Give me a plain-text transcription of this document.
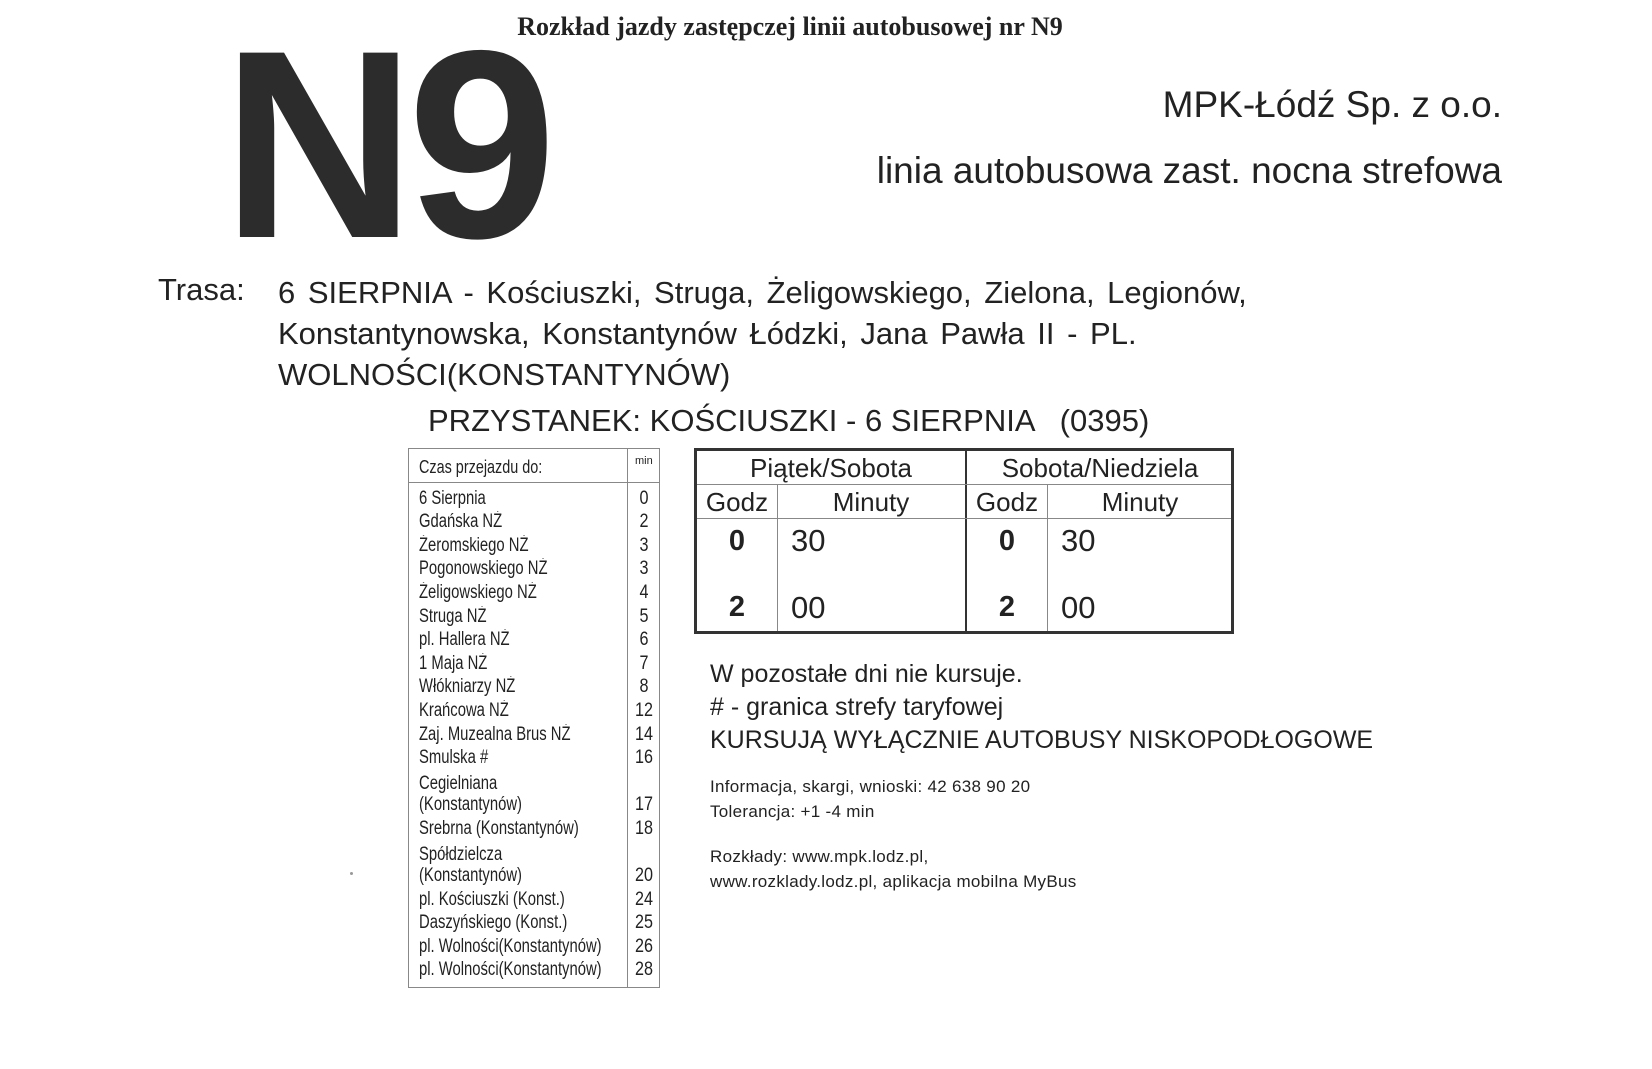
Rozkład jazdy zastępczej linii autobusowej nr N9
N9	MPK-Łódź Sp. z o.o.
linia autobusowa zast. nocna strefowa
Trasa: 6 SIERPNIA - Kościuszki, Struga, Żeligowskiego, Zielona, Legionów, Konstantynowska, Konstantynów Łódzki, Jana Pawła II - PL. WOLNOŚCI(KONSTANTYNÓW)
PRZYSTANEK: KOŚCIUSZKI - 6 SIERPNIA (0395)
Czas przejazdu do:	min
6 Sierpnia	0
Gdańska NŻ	2
Żeromskiego NŻ	3
Pogonowskiego NŻ	3
Żeligowskiego NŻ	4
Struga NŻ	5
pl. Hallera NŻ	6
1 Maja NŻ	7
Włókniarzy NŻ	8
Krańcowa NŻ	12
Zaj. Muzealna Brus NŻ	14
Smulska #	16
Cegielniana
(Konstantynów)	17
Srebrna (Konstantynów)	18
Spółdzielcza
(Konstantynów)	20
pl. Kościuszki (Konst.)	24
Daszyńskiego (Konst.)	25
pl. Wolności(Konstantynów)	26
pl. Wolności(Konstantynów)	28
Piątek/Sobota
Godz	Minuty
0	30
2	00
Sobota/Niedziela
Godz	Minuty
0	30
2	00
W pozostałe dni nie kursuje.
# - granica strefy taryfowej
KURSUJĄ WYŁĄCZNIE AUTOBUSY NISKOPODŁOGOWE
Informacja, skargi, wnioski: 42 638 90 20
Tolerancja: +1 -4 min
Rozkłady: www.mpk.lodz.pl,
www.rozklady.lodz.pl, aplikacja mobilna MyBus
